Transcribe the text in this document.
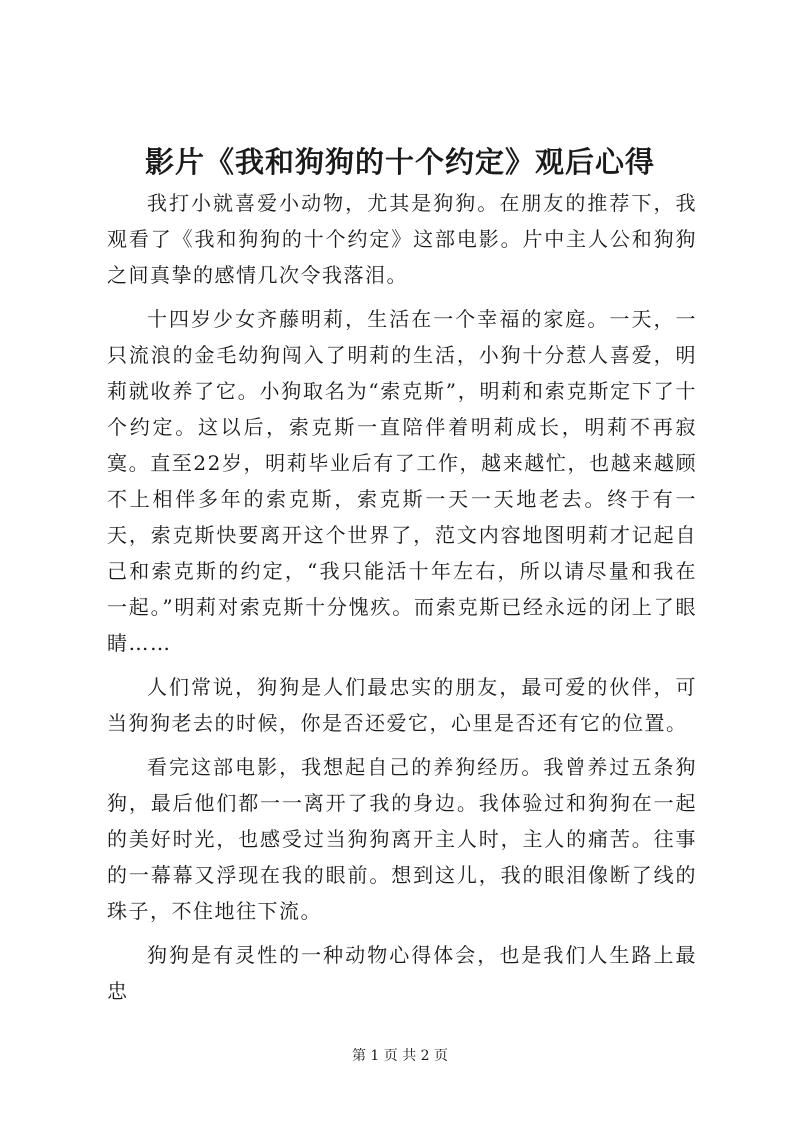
影片《我和狗狗的十个约定》观后心得

我打小就喜爱小动物，尤其是狗狗。在朋友的推荐下，我观看了《我和狗狗的十个约定》这部电影。片中主人公和狗狗之间真挚的感情几次令我落泪。

十四岁少女齐藤明莉，生活在一个幸福的家庭。一天，一只流浪的金毛幼狗闯入了明莉的生活，小狗十分惹人喜爱，明莉就收养了它。小狗取名为“索克斯”，明莉和索克斯定下了十个约定。这以后，索克斯一直陪伴着明莉成长，明莉不再寂寞。直至22岁，明莉毕业后有了工作，越来越忙，也越来越顾不上相伴多年的索克斯，索克斯一天一天地老去。终于有一天，索克斯快要离开这个世界了，范文内容地图明莉才记起自己和索克斯的约定，“我只能活十年左右，所以请尽量和我在一起。”明莉对索克斯十分愧疚。而索克斯已经永远的闭上了眼睛……

人们常说，狗狗是人们最忠实的朋友，最可爱的伙伴，可当狗狗老去的时候，你是否还爱它，心里是否还有它的位置。

看完这部电影，我想起自己的养狗经历。我曾养过五条狗狗，最后他们都一一离开了我的身边。我体验过和狗狗在一起的美好时光，也感受过当狗狗离开主人时，主人的痛苦。往事的一幕幕又浮现在我的眼前。想到这儿，我的眼泪像断了线的珠子，不住地往下流。

狗狗是有灵性的一种动物心得体会，也是我们人生路上最忠

第 1 页 共 2 页
